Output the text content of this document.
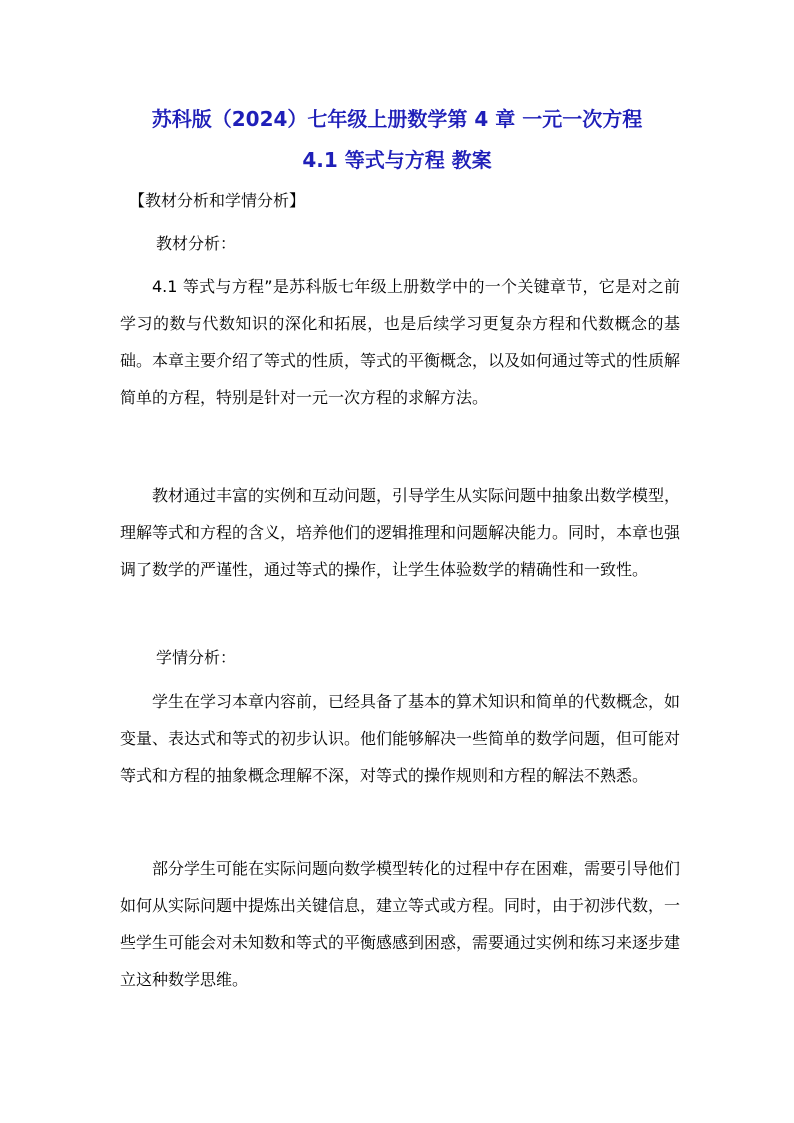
苏科版（2024）七年级上册数学第 4 章 一元一次方程
4.1 等式与方程 教案
【教材分析和学情分析】
教材分析：
4.1 等式与方程”是苏科版七年级上册数学中的一个关键章节，它是对之前学习的数与代数知识的深化和拓展，也是后续学习更复杂方程和代数概念的基础。本章主要介绍了等式的性质，等式的平衡概念，以及如何通过等式的性质解简单的方程，特别是针对一元一次方程的求解方法。
教材通过丰富的实例和互动问题，引导学生从实际问题中抽象出数学模型，理解等式和方程的含义，培养他们的逻辑推理和问题解决能力。同时，本章也强调了数学的严谨性，通过等式的操作，让学生体验数学的精确性和一致性。
学情分析：
学生在学习本章内容前，已经具备了基本的算术知识和简单的代数概念，如变量、表达式和等式的初步认识。他们能够解决一些简单的数学问题，但可能对等式和方程的抽象概念理解不深，对等式的操作规则和方程的解法不熟悉。
部分学生可能在实际问题向数学模型转化的过程中存在困难，需要引导他们如何从实际问题中提炼出关键信息，建立等式或方程。同时，由于初涉代数，一些学生可能会对未知数和等式的平衡感感到困惑，需要通过实例和练习来逐步建立这种数学思维。
